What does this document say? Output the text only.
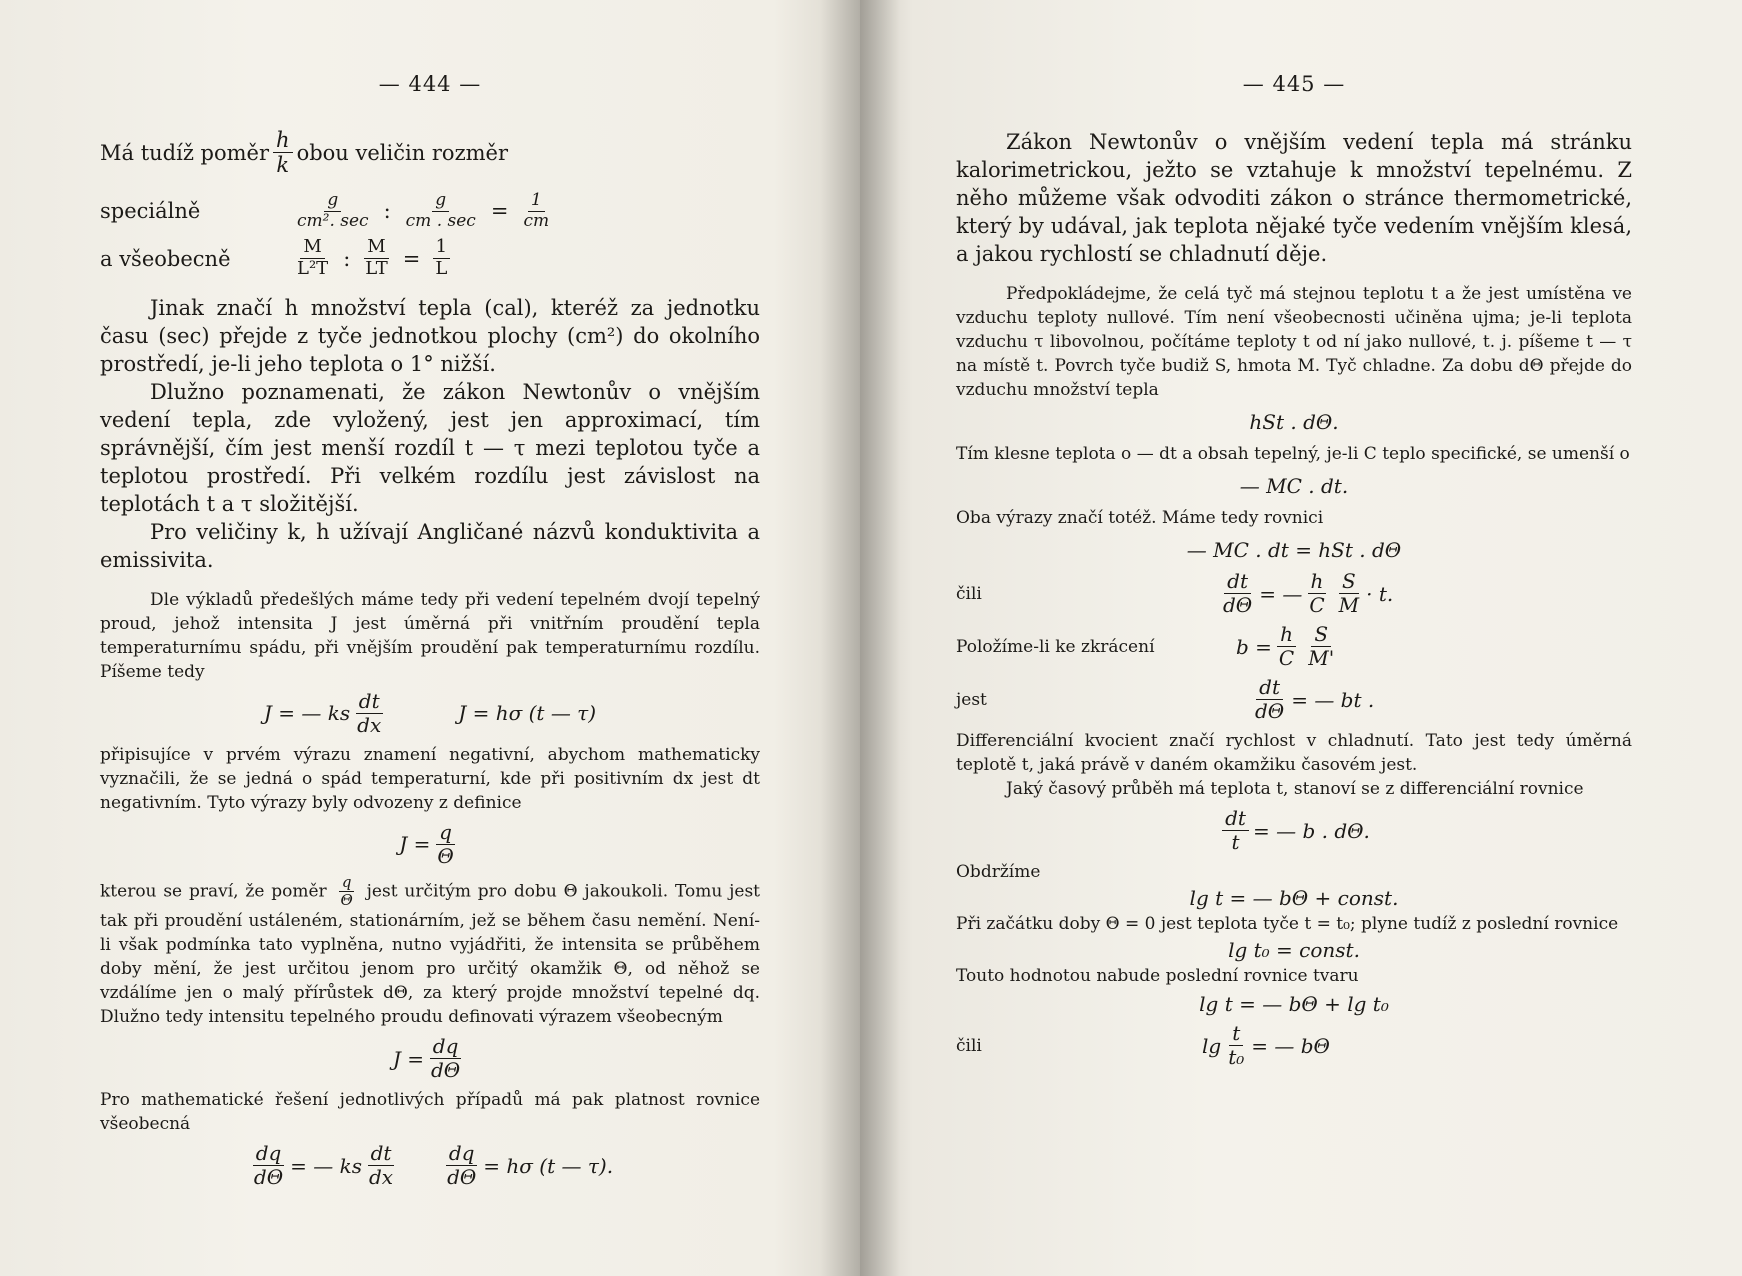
— 444 —
Má tudíž poměr $\frac{h}{k}$ obou veličin rozměr
speciálně	$\frac{g}{\text{cm². sec}}$ : $\frac{g}{cm . \sec} = \frac{1}{cm}$
a všeobecně	$\frac{M}{\text{L²T}}$ : $\frac{M}{LT} = \frac{1}{L}$

Jinak značí h množství tepla (cal), kteréž za jednotku času (sec) přejde z tyče jednotkou plochy (cm²) do okolního prostředí, je-li jeho teplota o 1° nižší.

Dlužno poznamenati, že zákon Newtonův o vnějším vedení tepla, zde vyložený, jest jen approximací, tím správnější, čím jest menší rozdíl t — τ mezi teplotou tyče a teplotou prostředí. Při velkém rozdílu jest závislost na teplotách t a τ složitější.

Pro veličiny k, h užívají Angličané názvů konduktivita a emissivita.

Dle výkladů předešlých máme tedy při vedení tepelném dvojí tepelný proud, jehož intensita J jest úměrná při vnitřním proudění tepla temperaturnímu spádu, při vnějším proudění pak temperaturnímu rozdílu. Píšeme tedy

J = — ks $\frac{dt}{dx}$	J = hσ (t — τ)

připisujíce v prvém výrazu znamení negativní, abychom mathematicky vyznačili, že se jedná o spád temperaturní, kde při positivním dx jest dt negativním. Tyto výrazy byly odvozeny z definice

$J = \frac{q}{\Theta}$

kterou se praví, že poměr $\frac{q}{\Theta}$ jest určitým pro dobu Θ jakoukoli. Tomu jest tak při proudění ustáleném, stationárním, jež se během času nemění. Není-li však podmínka tato vyplněna, nutno vyjádřiti, že intensita se průběhem doby mění, že jest určitou jenom pro určitý okamžik Θ, od něhož se vzdálíme jen o malý přírůstek dΘ, za který projde množství tepelné dq. Dlužno tedy intensitu tepelného proudu definovati výrazem všeobecným

$J = \frac{dq}{d\Theta}$

Pro mathematické řešení jednotlivých případů má pak platnost rovnice všeobecná

$\frac{dq}{d\Theta}$ = — ks $\frac{dt}{dx} \frac{dq}{d\Theta} = h\sigma$ (t — τ).
— 445 —

Zákon Newtonův o vnějším vedení tepla má stránku kalorimetrickou, ježto se vztahuje k množství tepelnému. Z něho můžeme však odvoditi zákon o stránce thermometrické, který by udával, jak teplota nějaké tyče vedením vnějším klesá, a jakou rychlostí se chladnutí děje.

Předpokládejme, že celá tyč má stejnou teplotu t a že jest umístěna ve vzduchu teploty nullové. Tím není všeobecnosti učiněna ujma; je-li teplota vzduchu τ libovolnou, počítáme teploty t od ní jako nullové, t. j. píšeme t — τ na místě t. Povrch tyče budiž S, hmota M. Tyč chladne. Za dobu dΘ přejde do vzduchu množství tepla

hSt . dΘ.

Tím klesne teplota o — dt a obsah tepelný, je-li C teplo specifické, se umenší o

— MC . dt.

Oba výrazy značí totéž. Máme tedy rovnici

— MC . dt = hSt . dΘ
čili	$\frac{dt}{d\Theta}$ = — $\frac{h}{C} \frac{S}{M} \cdot t$.
Položíme-li ke zkrácení	$b = \frac{h}{C} \frac{S}{M'}$
jest	$\frac{dt}{d\Theta}$ = — bt .

Differenciální kvocient značí rychlost v chladnutí. Tato jest tedy úměrná teplotě t, jaká právě v daném okamžiku časovém jest.

Jaký časový průběh má teplota t, stanoví se z differenciální rovnice

$\frac{dt}{t}$ = — b . dΘ.

Obdržíme

lg t = — bΘ + const.

Při začátku doby Θ = 0 jest teplota tyče t = t₀; plyne tudíž z poslední rovnice

lg t₀ = const.

Touto hodnotou nabude poslední rovnice tvaru

lg t = — bΘ + lg t₀
čili	$\lg \frac{t}{\text{t₀}}$ = — bΘ
